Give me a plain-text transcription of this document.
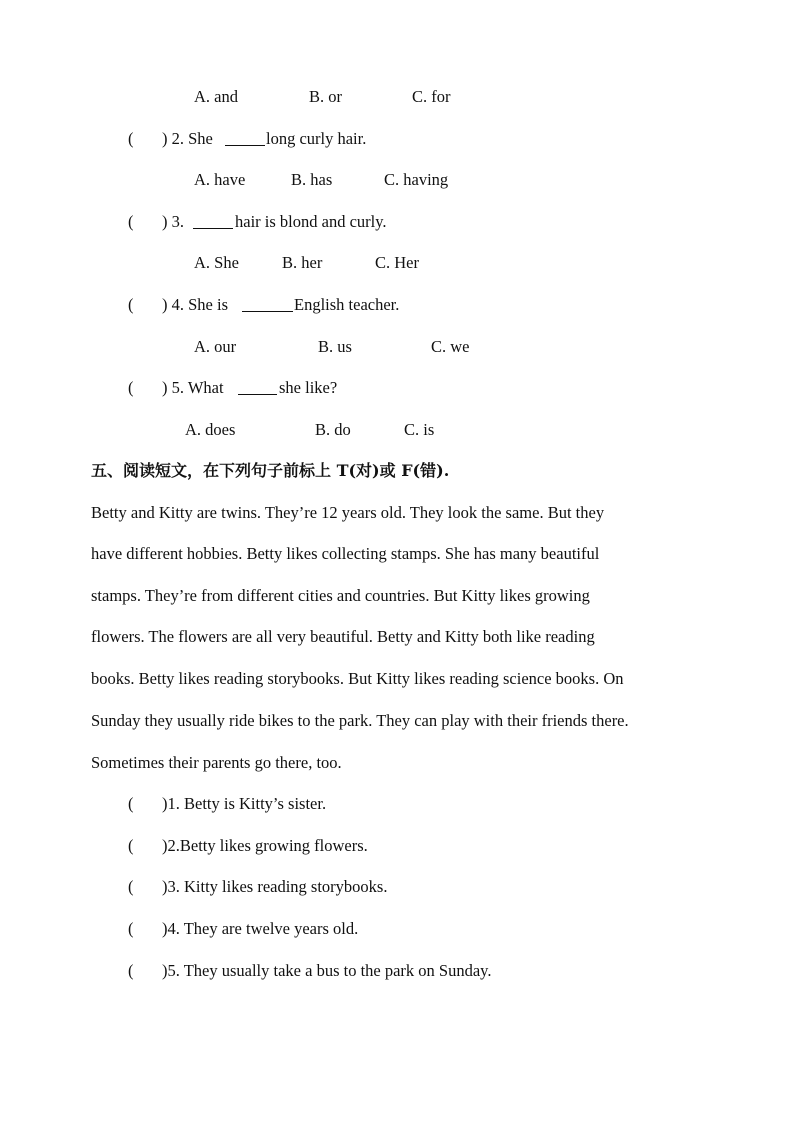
A. and	B. or	C. for
( ) 2. She	long curly hair.
A. have	B. has	C. having
( ) 3.	hair is blond and curly.
A. She	B. her	C. Her
( ) 4. She is	English teacher.
A. our	B. us	C. we
( ) 5. What	she like?
A. does	B. do	C. is
五、阅读短文，在下列句子前标上 T(对)或 F(错).
Betty and Kitty are twins. They’re 12 years old. They look the same. But they
have different hobbies. Betty likes collecting stamps. She has many beautiful
stamps. They’re from different cities and countries. But Kitty likes growing
flowers. The flowers are all very beautiful. Betty and Kitty both like reading
books. Betty likes reading storybooks. But Kitty likes reading science books. On
Sunday they usually ride bikes to the park. They can play with their friends there.
Sometimes their parents go there, too.
( )1. Betty is Kitty’s sister.
( )2.Betty likes growing flowers.
( )3. Kitty likes reading storybooks.
( )4. They are twelve years old.
( )5. They usually take a bus to the park on Sunday.
